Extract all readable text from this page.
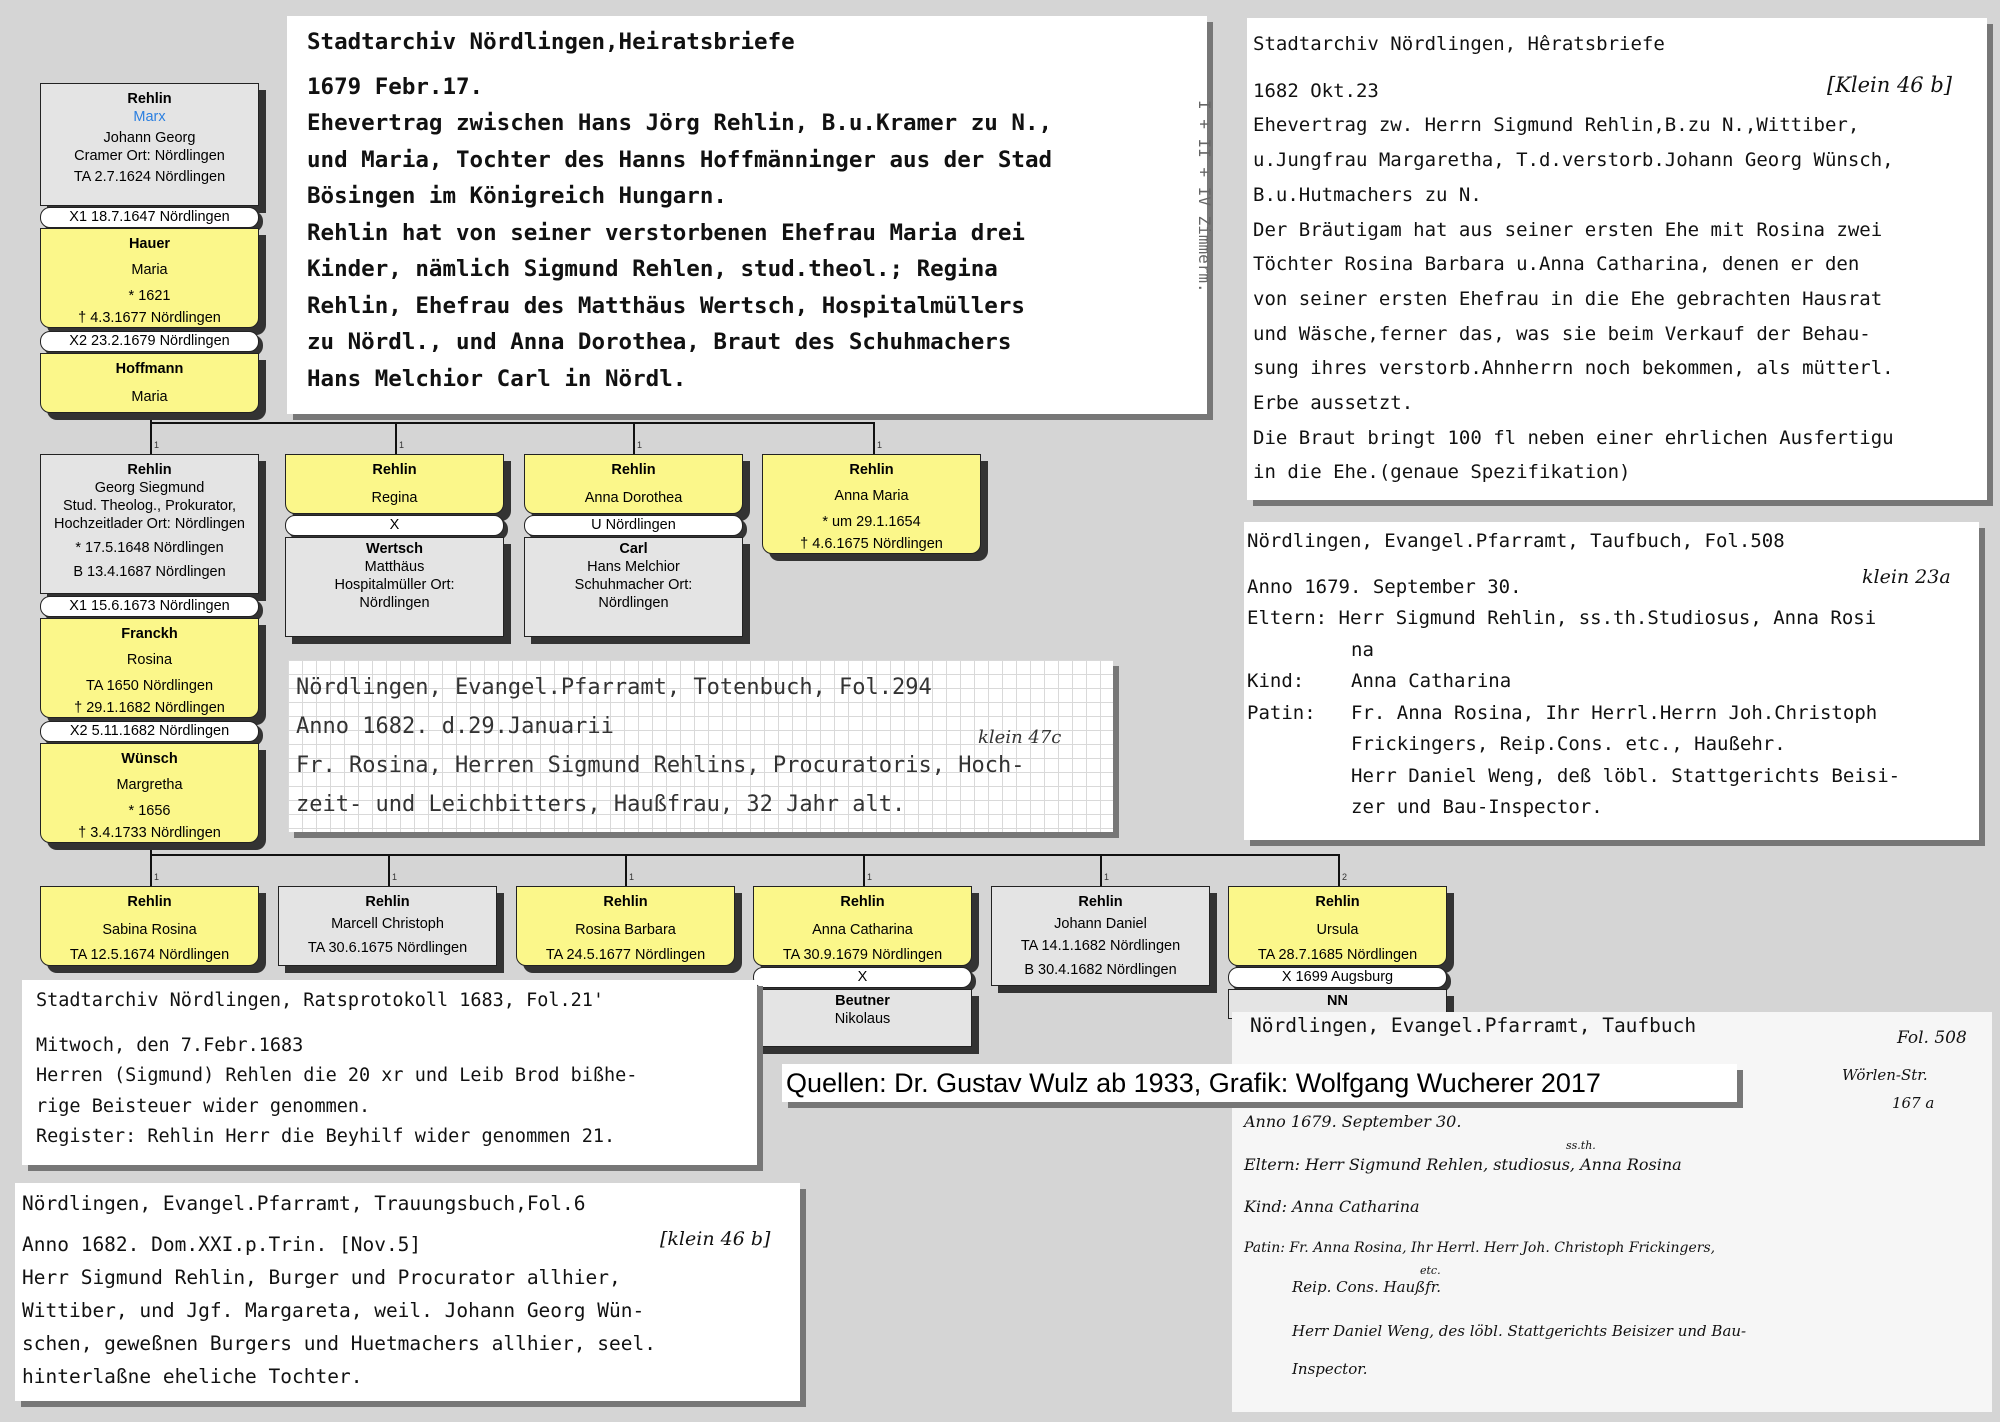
1	1	1	1
1	1	1	1	1	2
Rehlin
Marx
Johann Georg
Cramer Ort: Nördlingen
TA 2.7.1624 Nördlingen
X1 18.7.1647 Nördlingen
Hauer
Maria
* 1621
† 4.3.1677 Nördlingen
X2 23.2.1679 Nördlingen
Hoffmann
Maria
Rehlin
Georg Siegmund
Stud. Theolog., Prokurator,
Hochzeitlader Ort: Nördlingen
* 17.5.1648 Nördlingen
B 13.4.1687 Nördlingen
X1 15.6.1673 Nördlingen
Franckh
Rosina
TA 1650 Nördlingen
† 29.1.1682 Nördlingen
X2 5.11.1682 Nördlingen
Wünsch
Margretha
* 1656
† 3.4.1733 Nördlingen
Rehlin
Regina
X
Wertsch
Matthäus
Hospitalmüller Ort:
Nördlingen
Rehlin
Anna Dorothea
U Nördlingen
Carl
Hans Melchior
Schuhmacher Ort:
Nördlingen
Rehlin
Anna Maria
* um 29.1.1654
† 4.6.1675 Nördlingen
Rehlin
Sabina Rosina
TA 12.5.1674 Nördlingen
Rehlin
Marcell Christoph
TA 30.6.1675 Nördlingen
Rehlin
Rosina Barbara
TA 24.5.1677 Nördlingen
Rehlin
Anna Catharina
TA 30.9.1679 Nördlingen
X
Beutner
Nikolaus
Rehlin
Johann Daniel
TA 14.1.1682 Nördlingen
B 30.4.1682 Nördlingen
Rehlin
Ursula
TA 28.7.1685 Nördlingen
X 1699 Augsburg
NN
Stadtarchiv Nördlingen,Heiratsbriefe
1679 Febr.17.
Ehevertrag zwischen Hans Jörg Rehlin, B.u.Kramer zu N.,
und Maria, Tochter des Hanns Hoffmänninger aus der Stad
Bösingen im Königreich Hungarn.
Rehlin hat von seiner verstorbenen Ehefrau Maria drei
Kinder, nämlich Sigmund Rehlen, stud.theol.; Regina
Rehlin, Ehefrau des Matthäus Wertsch, Hospitalmüllers
zu Nördl., und Anna Dorothea, Braut des Schuhmachers
Hans Melchior Carl in Nördl.
I + II + IV Zimmerm.
Stadtarchiv Nördlingen, Hêratsbriefe
1682 Okt.23
Ehevertrag zw. Herrn Sigmund Rehlin,B.zu N.,Wittiber,
u.Jungfrau Margaretha, T.d.verstorb.Johann Georg Wünsch,
B.u.Hutmachers zu N.
Der Bräutigam hat aus seiner ersten Ehe mit Rosina zwei
Töchter Rosina Barbara u.Anna Catharina, denen er den
von seiner ersten Ehefrau in die Ehe gebrachten Hausrat
und Wäsche,ferner das, was sie beim Verkauf der Behau-
sung ihres verstorb.Ahnherrn noch bekommen, als mütterl.
Erbe aussetzt.
Die Braut bringt 100 fl neben einer ehrlichen Ausfertigu
in die Ehe.(genaue Spezifikation)
[Klein 46 b]
Nördlingen, Evangel.Pfarramt, Totenbuch, Fol.294
Anno 1682. d.29.Januarii
Fr. Rosina, Herren Sigmund Rehlins, Procuratoris, Hoch-
zeit- und Leichbitters, Haußfrau, 32 Jahr alt.
klein 47c
Nördlingen, Evangel.Pfarramt, Taufbuch, Fol.508
Anno 1679. September 30.
Eltern: Herr Sigmund Rehlin, ss.th.Studiosus, Anna Rosi
na
Kind: Anna Catharina
Patin: Fr. Anna Rosina, Ihr Herrl.Herrn Joh.Christoph
Frickingers, Reip.Cons. etc., Haußehr.
Herr Daniel Weng, deß löbl. Stattgerichts Beisi-
zer und Bau-Inspector.
klein 23a
Stadtarchiv Nördlingen, Ratsprotokoll 1683, Fol.21'
Mitwoch, den 7.Febr.1683
Herren (Sigmund) Rehlen die 20 xr und Leib Brod bißhe-
rige Beisteuer wider genommen.
Register: Rehlin Herr die Beyhilf wider genommen 21.
Nördlingen, Evangel.Pfarramt, Trauungsbuch,Fol.6
Anno 1682. Dom.XXI.p.Trin. [Nov.5]
Herr Sigmund Rehlin, Burger und Procurator allhier,
Wittiber, und Jgf. Margareta, weil. Johann Georg Wün-
schen, geweßnen Burgers und Huetmachers allhier, seel.
hinterlaßne eheliche Tochter.
[klein 46 b]
Nördlingen, Evangel.Pfarramt, Taufbuch
Fol. 508
Wörlen-Str.
167 a
Anno 1679. September 30.
ss.th.
Eltern: Herr Sigmund Rehlen, studiosus, Anna Rosina
Kind: Anna Catharina
Patin: Fr. Anna Rosina, Ihr Herrl. Herr Joh. Christoph Frickingers,
etc.
Reip. Cons. Haußfr.
Herr Daniel Weng, des löbl. Stattgerichts Beisizer und Bau-
Inspector.
Quellen: Dr. Gustav Wulz ab 1933, Grafik: Wolfgang Wucherer 2017
